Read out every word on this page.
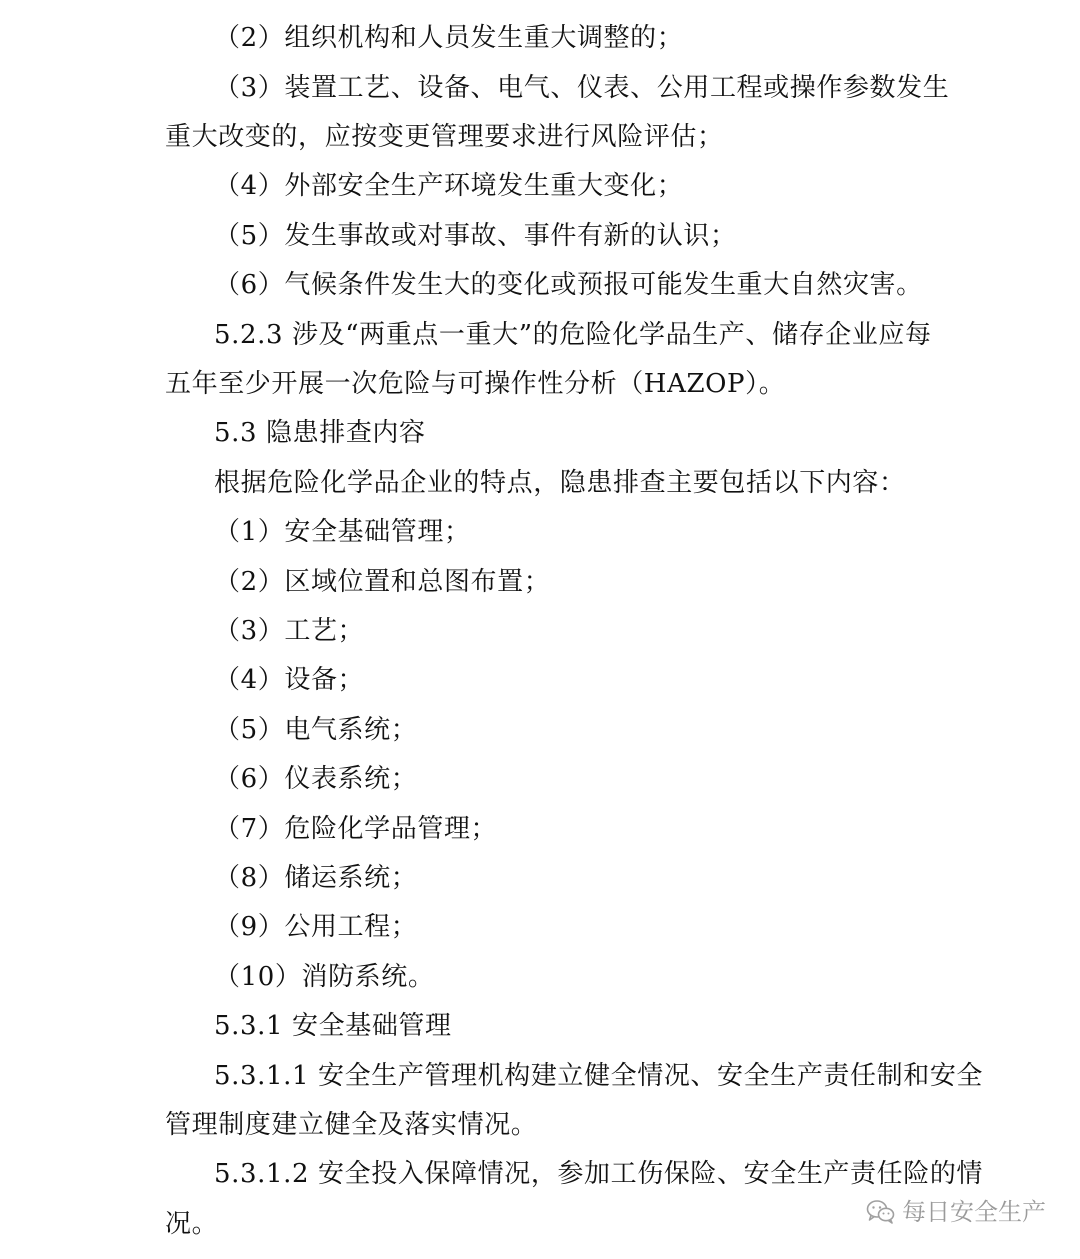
（2）组织机构和人员发生重大调整的；
（3）装置工艺、设备、电气、仪表、公用工程或操作参数发生
重大改变的，应按变更管理要求进行风险评估；
（4）外部安全生产环境发生重大变化；
（5）发生事故或对事故、事件有新的认识；
（6）气候条件发生大的变化或预报可能发生重大自然灾害。
5.2.3 涉及“两重点一重大”的危险化学品生产、储存企业应每
五年至少开展一次危险与可操作性分析（HAZOP）。
5.3 隐患排查内容
根据危险化学品企业的特点，隐患排查主要包括以下内容：
（1）安全基础管理；
（2）区域位置和总图布置；
（3）工艺；
（4）设备；
（5）电气系统；
（6）仪表系统；
（7）危险化学品管理；
（8）储运系统；
（9）公用工程；
（10）消防系统。
5.3.1 安全基础管理
5.3.1.1 安全生产管理机构建立健全情况、安全生产责任制和安全
管理制度建立健全及落实情况。
5.3.1.2 安全投入保障情况，参加工伤保险、安全生产责任险的情
况。	每日安全生产
